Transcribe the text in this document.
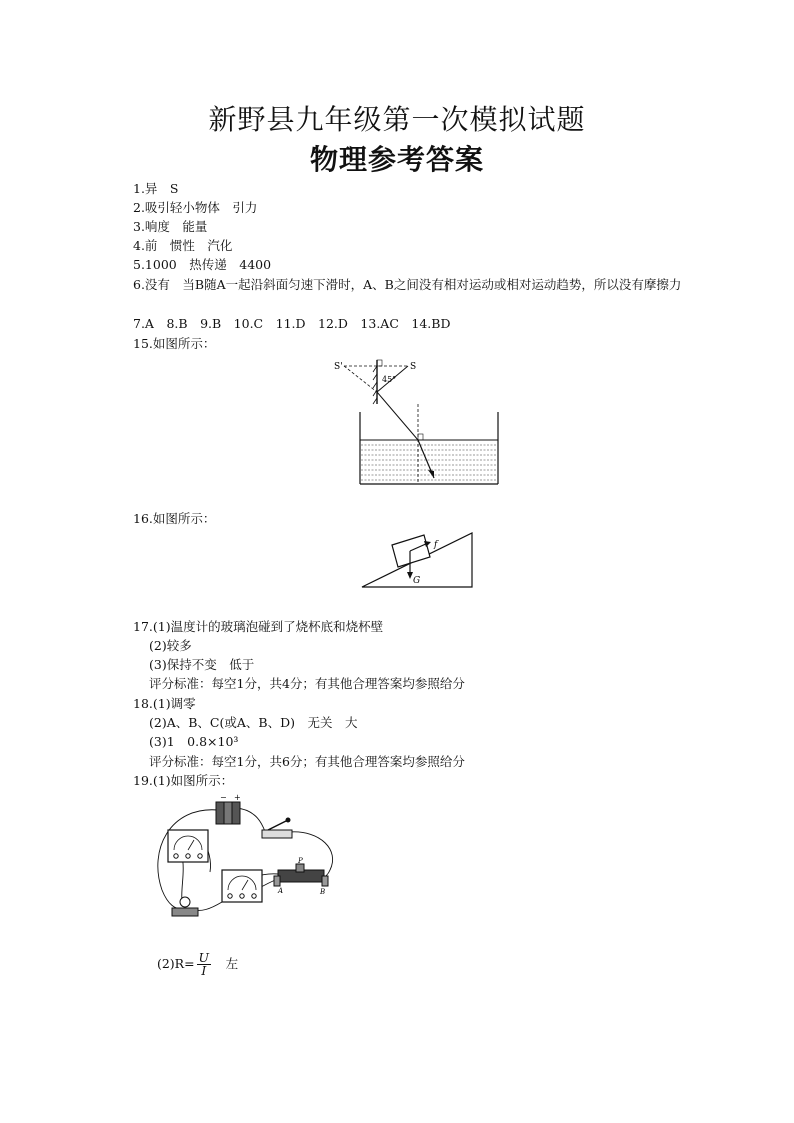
新野县九年级第一次模拟试题
物理参考答案
1.异　S
2.吸引轻小物体　引力
3.响度　能量
4.前　惯性　汽化
5.1000　热传递　4400
6.没有　当B随A一起沿斜面匀速下滑时，A、B之间没有相对运动或相对运动趋势，所以没有摩擦力
7.A　8.B　9.B　10.C　11.D　12.D　13.AC　14.BD
15.如图所示：
S'	S
45°
16.如图所示：
f
G
17.(1)温度计的玻璃泡碰到了烧杯底和烧杯壁
(2)较多
(3)保持不变　低于
评分标准：每空1分，共4分；有其他合理答案均参照给分
18.(1)调零
(2)A、B、C(或A、B、D)　无关　大
(3)1　0.8×10³
评分标准：每空1分，共6分；有其他合理答案均参照给分
19.(1)如图所示：
− +
P
A	B

$(2)R= \frac{U}{I}$
　 左
